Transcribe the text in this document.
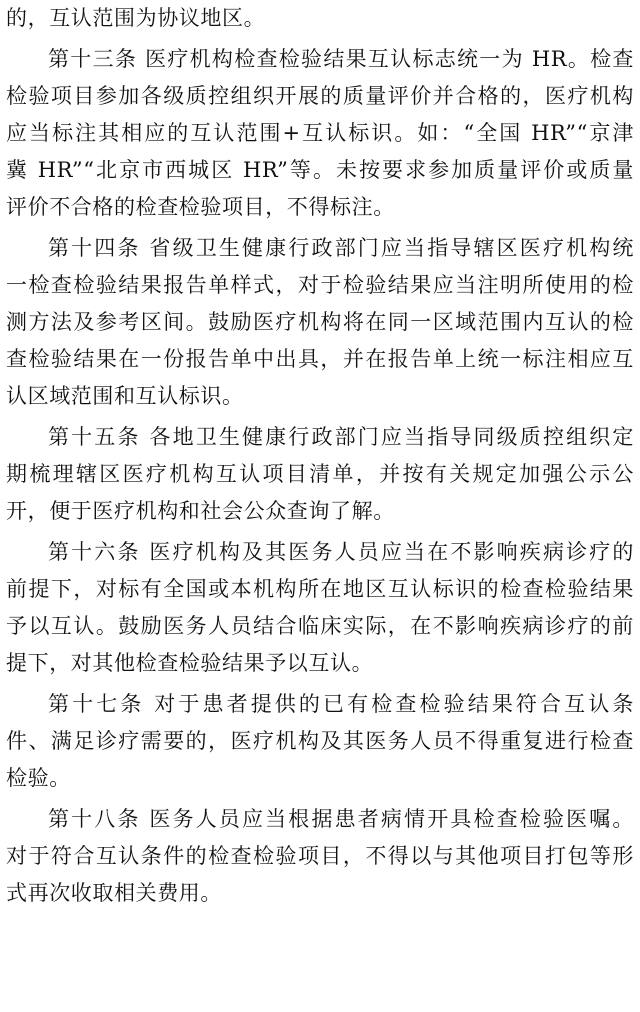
的，互认范围为协议地区。

第十三条 医疗机构检查检验结果互认标志统一为 HR。检查
检验项目参加各级质控组织开展的质量评价并合格的，医疗机构
应当标注其相应的互认范围+互认标识。如：“全国 HR”“京津
冀 HR”“北京市西城区 HR”等。未按要求参加质量评价或质量
评价不合格的检查检验项目，不得标注。

第十四条 省级卫生健康行政部门应当指导辖区医疗机构统
一检查检验结果报告单样式，对于检验结果应当注明所使用的检
测方法及参考区间。鼓励医疗机构将在同一区域范围内互认的检
查检验结果在一份报告单中出具，并在报告单上统一标注相应互
认区域范围和互认标识。

第十五条 各地卫生健康行政部门应当指导同级质控组织定
期梳理辖区医疗机构互认项目清单，并按有关规定加强公示公
开，便于医疗机构和社会公众查询了解。

第十六条 医疗机构及其医务人员应当在不影响疾病诊疗的
前提下，对标有全国或本机构所在地区互认标识的检查检验结果
予以互认。鼓励医务人员结合临床实际，在不影响疾病诊疗的前
提下，对其他检查检验结果予以互认。

第十七条 对于患者提供的已有检查检验结果符合互认条
件、满足诊疗需要的，医疗机构及其医务人员不得重复进行检查
检验。

第十八条 医务人员应当根据患者病情开具检查检验医嘱。
对于符合互认条件的检查检验项目，不得以与其他项目打包等形
式再次收取相关费用。
